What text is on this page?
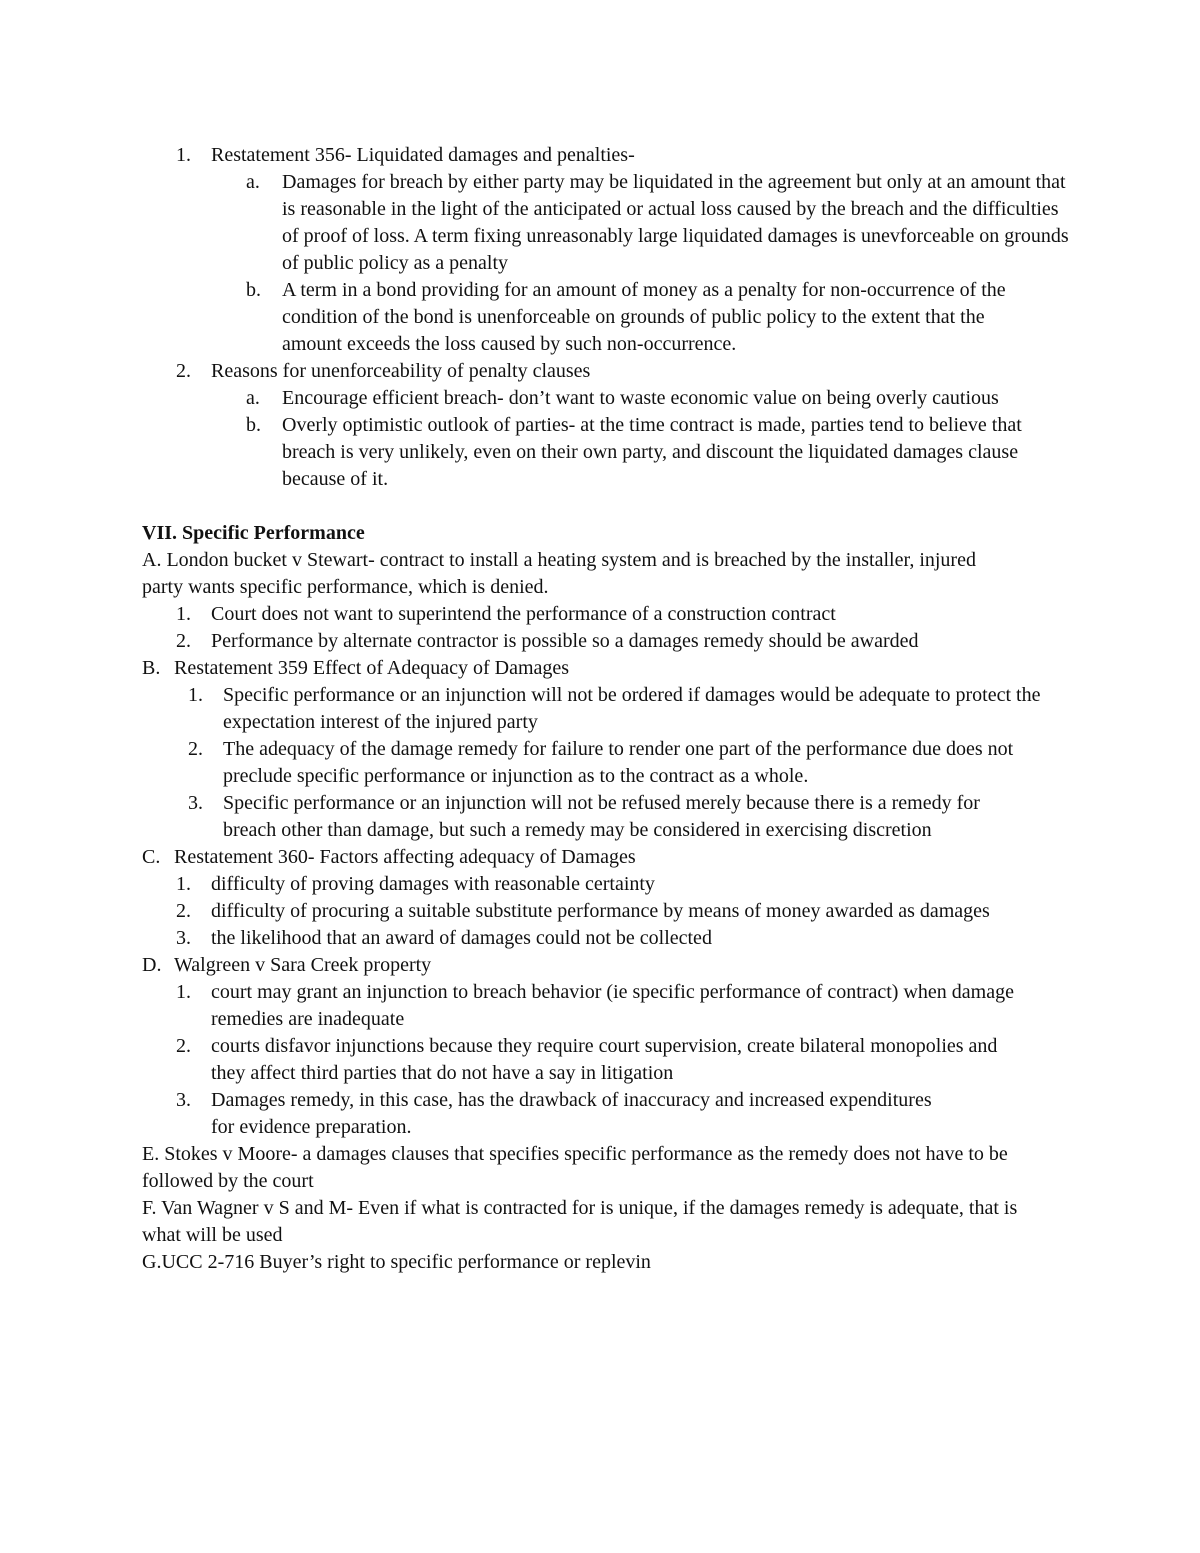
1. Restatement 356- Liquidated damages and penalties-
a. Damages for breach by either party may be liquidated in the agreement but only at an amount that is reasonable in the light of the anticipated or actual loss caused by the breach and the difficulties of proof of loss. A term fixing unreasonably large liquidated damages is unevforceable on grounds of public policy as a penalty
b. A term in a bond providing for an amount of money as a penalty for non-occurrence of the condition of the bond is unenforceable on grounds of public policy to the extent that the amount exceeds the loss caused by such non-occurrence.
2. Reasons for unenforceability of penalty clauses
a. Encourage efficient breach- don’t want to waste economic value on being overly cautious
b. Overly optimistic outlook of parties- at the time contract is made, parties tend to believe that breach is very unlikely, even on their own party, and discount the liquidated damages clause because of it.
VII. Specific Performance
A. London bucket v Stewart- contract to install a heating system and is breached by the installer, injured party wants specific performance, which is denied.
1. Court does not want to superintend the performance of a construction contract
2. Performance by alternate contractor is possible so a damages remedy should be awarded
B. Restatement 359 Effect of Adequacy of Damages
1. Specific performance or an injunction will not be ordered if damages would be adequate to protect the expectation interest of the injured party
2. The adequacy of the damage remedy for failure to render one part of the performance due does not preclude specific performance or injunction as to the contract as a whole.
3. Specific performance or an injunction will not be refused merely because there is a remedy for breach other than damage, but such a remedy may be considered in exercising discretion
C. Restatement 360- Factors affecting adequacy of Damages
1. difficulty of proving damages with reasonable certainty
2. difficulty of procuring a suitable substitute performance by means of money awarded as damages
3. the likelihood that an award of damages could not be collected
D. Walgreen v Sara Creek property
1. court may grant an injunction to breach behavior (ie specific performance of contract) when damage remedies are inadequate
2. courts disfavor injunctions because they require court supervision, create bilateral monopolies and they affect third parties that do not have a say in litigation
3. Damages remedy, in this case, has the drawback of inaccuracy and increased expenditures for evidence preparation.
E. Stokes v Moore- a damages clauses that specifies specific performance as the remedy does not have to be followed by the court
F. Van Wagner v S and M- Even if what is contracted for is unique, if the damages remedy is adequate, that is what will be used
G.UCC 2-716 Buyer’s right to specific performance or replevin
